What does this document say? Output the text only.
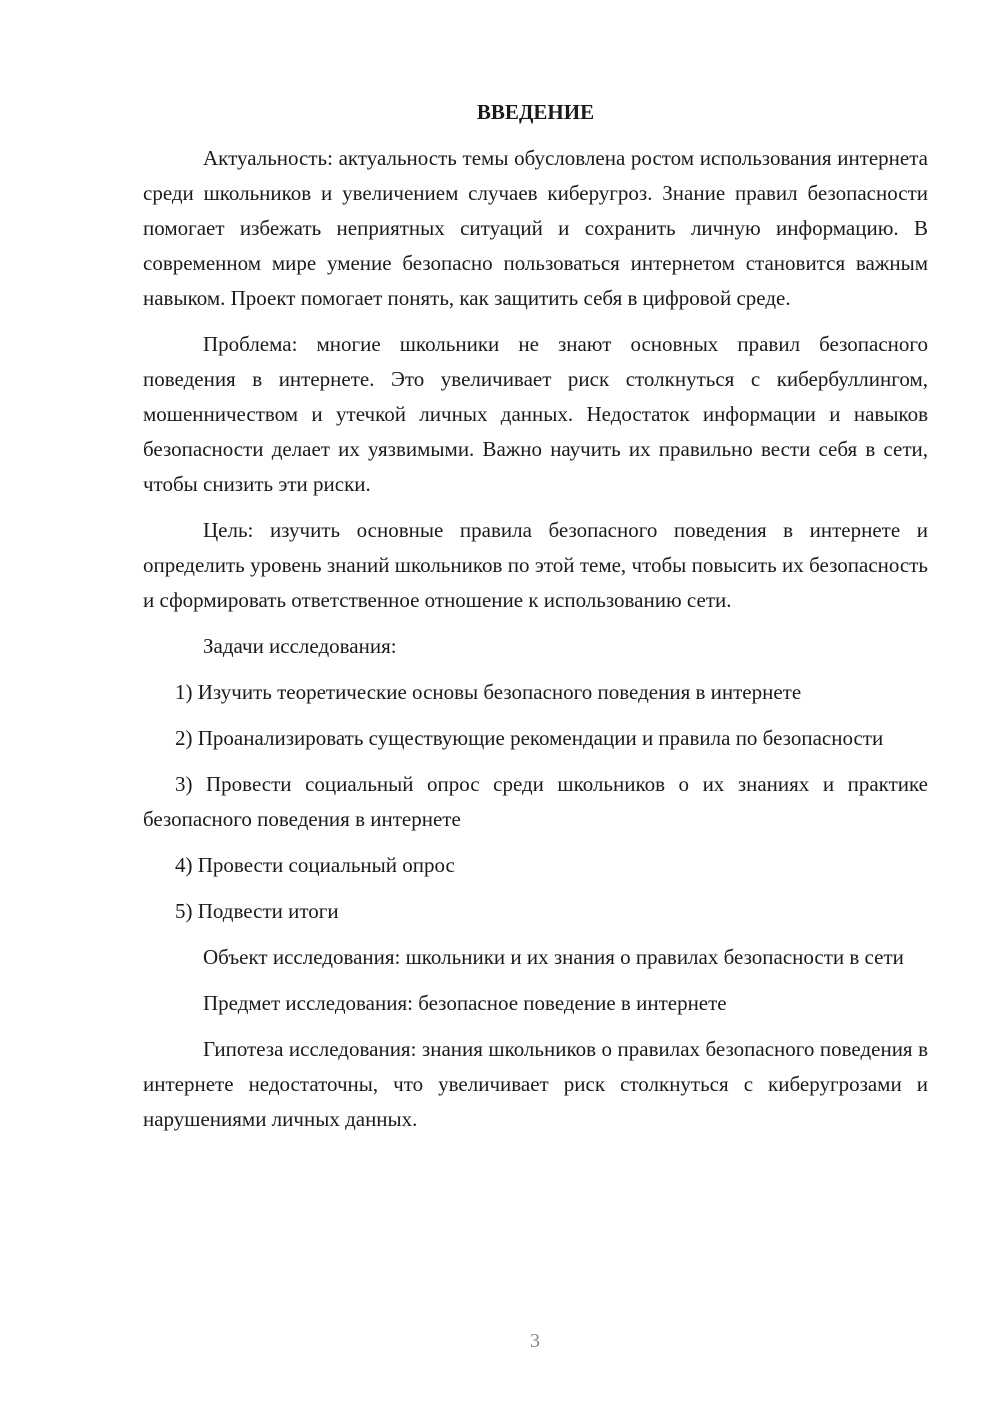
ВВЕДЕНИЕ

Актуальность: актуальность темы обусловлена ростом использования интернета среди школьников и увеличением случаев киберугроз. Знание правил безопасности помогает избежать неприятных ситуаций и сохранить личную информацию. В современном мире умение безопасно пользоваться интернетом становится важным навыком. Проект помогает понять, как защитить себя в цифровой среде.

Проблема: многие школьники не знают основных правил безопасного поведения в интернете. Это увеличивает риск столкнуться с кибербуллингом, мошенничеством и утечкой личных данных. Недостаток информации и навыков безопасности делает их уязвимыми. Важно научить их правильно вести себя в сети, чтобы снизить эти риски.

Цель: изучить основные правила безопасного поведения в интернете и определить уровень знаний школьников по этой теме, чтобы повысить их безопасность и сформировать ответственное отношение к использованию сети.

Задачи исследования:

1) Изучить теоретические основы безопасного поведения в интернете

2) Проанализировать существующие рекомендации и правила по безопасности

3) Провести социальный опрос среди школьников о их знаниях и практике безопасного поведения в интернете

4) Провести социальный опрос

5) Подвести итоги

Объект исследования: школьники и их знания о правилах безопасности в сети

Предмет исследования: безопасное поведение в интернете

Гипотеза исследования: знания школьников о правилах безопасного поведения в интернете недостаточны, что увеличивает риск столкнуться с киберугрозами и нарушениями личных данных.

3
